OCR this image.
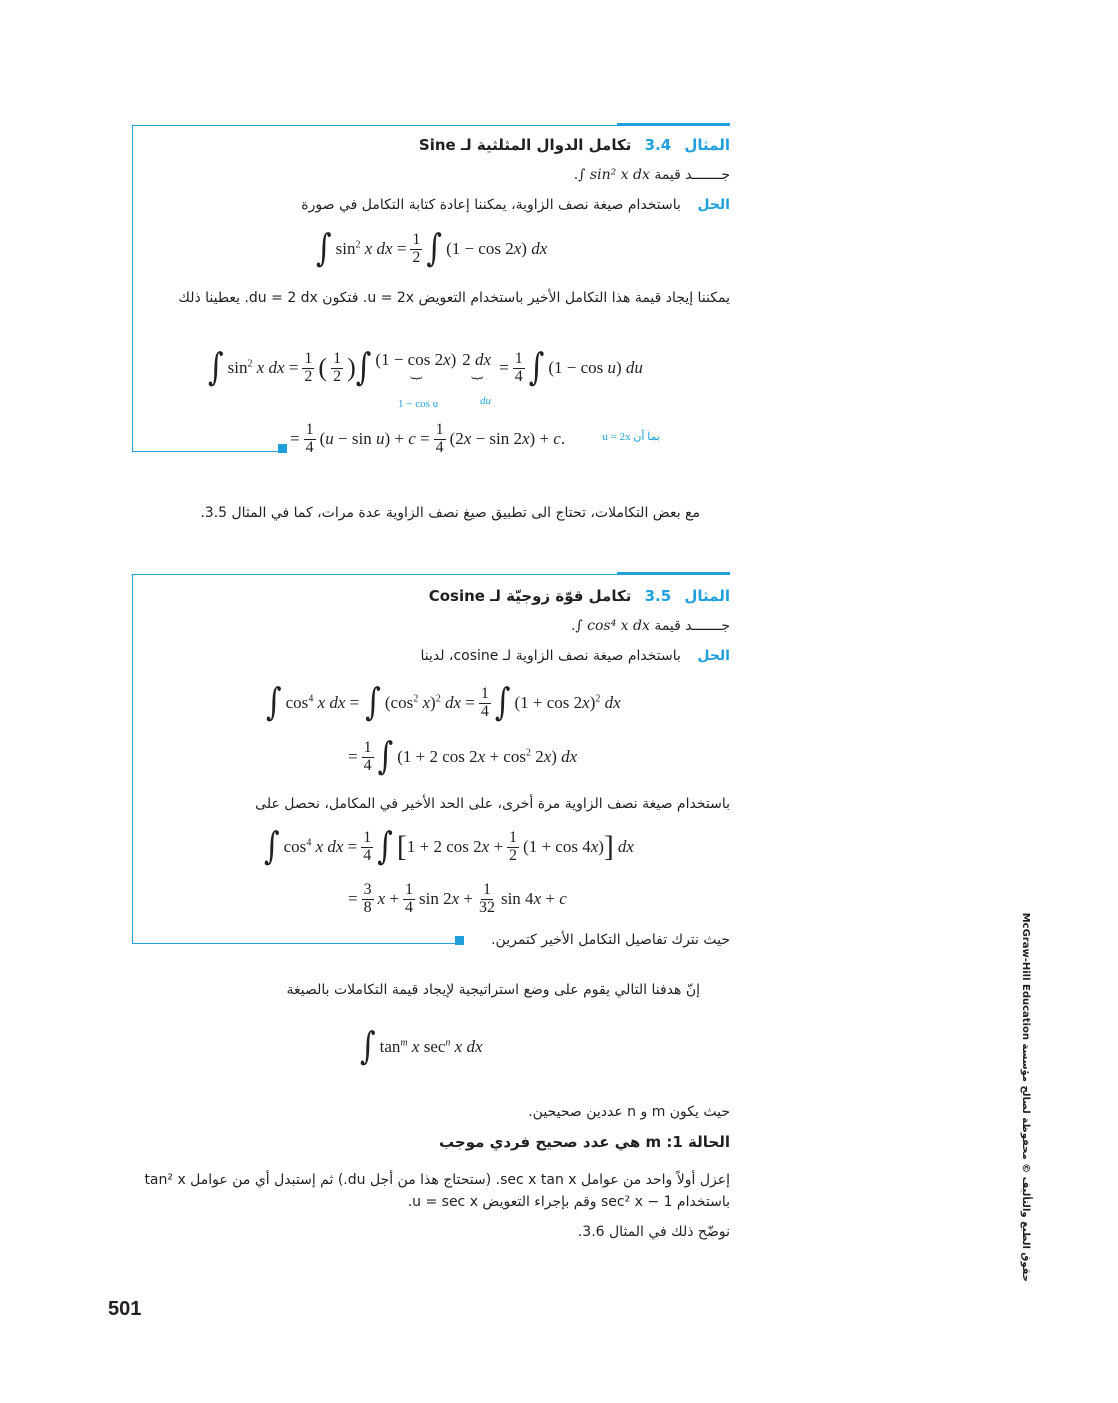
المثال 3.4 تكامل الدوال المثلثية لـ Sine
جـــــــد قيمة ∫ sin² x dx.
الحل باستخدام صيغة نصف الزاوية، يمكننا إعادة كتابة التكامل في صورة
∫ $\sin^2 x$ dx = $\frac{1}{2}$ ∫ (1 − cos 2x) dx
يمكننا إيجاد قيمة هذا التكامل الأخير باستخدام التعويض u = 2x. فتكون du = 2 dx. يعطينا ذلك
∫ $\sin^2 x$ dx = $\frac{1}{2}$ ( $\frac{1}{2}$ ) ∫ (1 − cos 2x)
}
2 dx
}
= $\frac{1}{4}$ ∫ (1 − cos u) du
1 − cos u	du
= $\frac{1}{4} (u - \sin u) + c = \frac{1}{4} (2x - \sin 2x) + c$.	بما أن u = 2x
مع بعض التكاملات، تحتاج الى تطبيق صيغ نصف الزاوية عدة مرات، كما في المثال 3.5.
المثال 3.5 تكامل قوّة زوجيّة لـ Cosine
جـــــــد قيمة ∫ cos⁴ x dx.
الحل باستخدام صيغة نصف الزاوية لـ cosine، لدينا
∫ $\cos^4 x$ dx = ∫ ($\cos^2$ x)$^2$ dx = $\frac{1}{4}$ ∫ $(1 + \cos 2x)^2$ dx
= $\frac{1}{4}$ ∫ (1 + 2 $\cos 2x + \cos^2 2x$) dx
باستخدام صيغة نصف الزاوية مرة أخرى، على الحد الأخير في المكامل، نحصل على
∫ $\cos^4 x$ dx = $\frac{1}{4}$ ∫ [ 1 + 2 $\cos 2x + \frac{1}{2} (1 + \cos 4x)$ ] dx
= $\frac{3}{8}$ $x + \frac{1}{4}$ $\sin 2x + \frac{1}{32}$ sin 4x + c
حيث نترك تفاصيل التكامل الأخير كتمرين.
إنّ هدفنا التالي يقوم على وضع استراتيجية لإيجاد قيمة التكاملات بالصيغة
∫ $\tan^m x$ $\sec^n x$ dx
حيث يكون m و n عددين صحيحين.
الحالة 1: m هي عدد صحيح فردي موجب
إعزل أولاً واحد من عوامل sec x tan x. (ستحتاج هذا من أجل du.) ثم إستبدل أي من عوامل tan² x
باستخدام sec² x − 1 وقم بإجراء التعويض u = sec x.
نوضّح ذلك في المثال 3.6.
501
حقوق الطبع والتأليف © محفوظة لصالح مؤسسة McGraw-Hill Education
